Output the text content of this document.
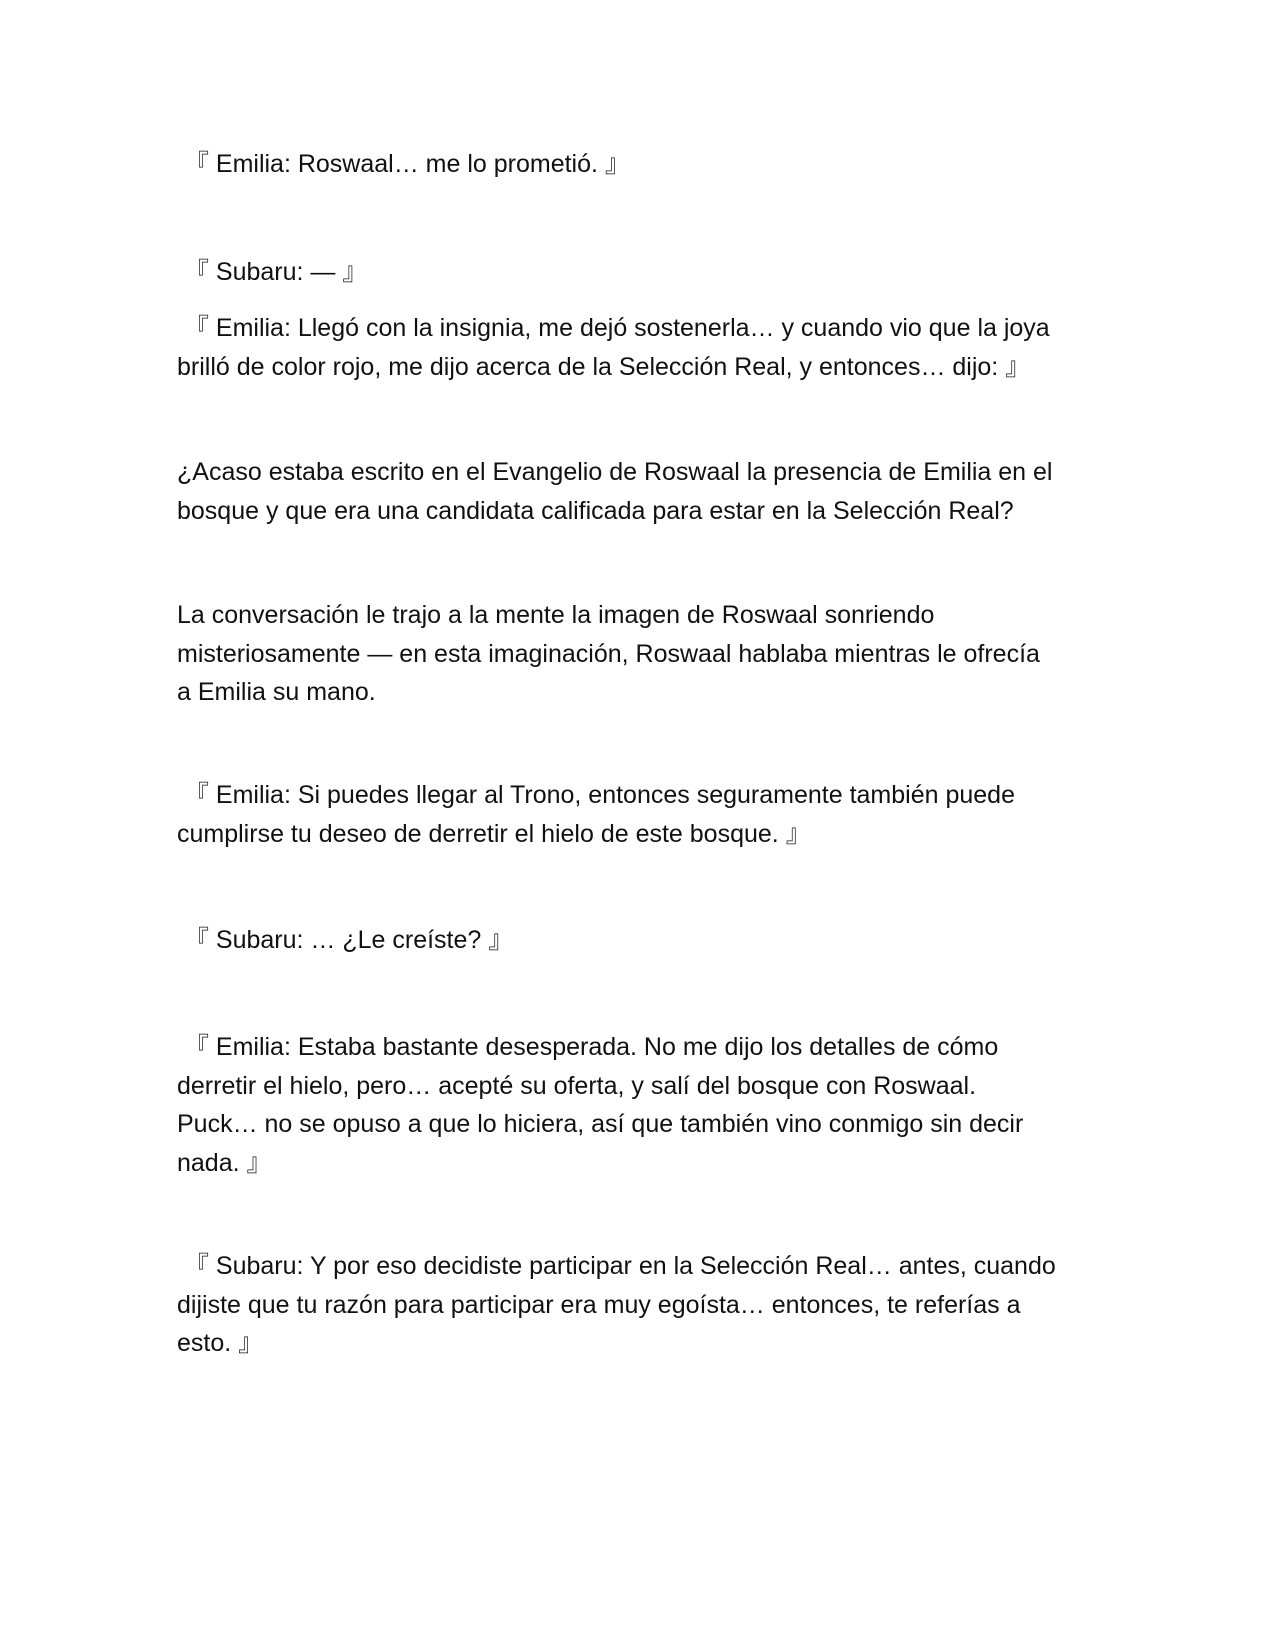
『 Emilia: Roswaal… me lo prometió. 』

『 Subaru: — 』

『 Emilia: Llegó con la insignia, me dejó sostenerla… y cuando vio que la joya
brilló de color rojo, me dijo acerca de la Selección Real, y entonces… dijo: 』

¿Acaso estaba escrito en el Evangelio de Roswaal la presencia de Emilia en el
bosque y que era una candidata calificada para estar en la Selección Real?

La conversación le trajo a la mente la imagen de Roswaal sonriendo
misteriosamente — en esta imaginación, Roswaal hablaba mientras le ofrecía
a Emilia su mano.

『 Emilia: Si puedes llegar al Trono, entonces seguramente también puede
cumplirse tu deseo de derretir el hielo de este bosque. 』

『 Subaru: … ¿Le creíste? 』

『 Emilia: Estaba bastante desesperada. No me dijo los detalles de cómo
derretir el hielo, pero… acepté su oferta, y salí del bosque con Roswaal.
Puck… no se opuso a que lo hiciera, así que también vino conmigo sin decir
nada. 』

『 Subaru: Y por eso decidiste participar en la Selección Real… antes, cuando
dijiste que tu razón para participar era muy egoísta… entonces, te referías a
esto. 』
